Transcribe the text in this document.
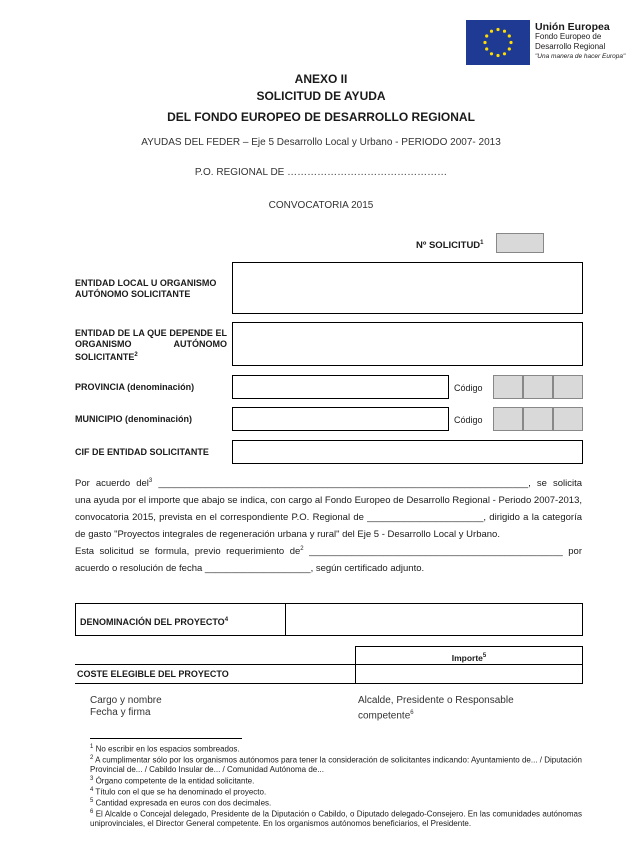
Unión Europea
Fondo Europeo de
Desarrollo Regional
"Una manera de hacer Europa"
ANEXO II
SOLICITUD DE AYUDA
DEL FONDO EUROPEO DE DESARROLLO REGIONAL
AYUDAS DEL FEDER – Eje 5 Desarrollo Local y Urbano - PERIODO 2007- 2013
P.O. REGIONAL DE …………………………………………
CONVOCATORIA 2015
Nº SOLICITUD$^1$
ENTIDAD LOCAL U ORGANISMO AUTÓNOMO SOLICITANTE
ENTIDAD DE LA QUE DEPENDE EL ORGANISMO AUTÓNOMO SOLICITANTE$^2$
PROVINCIA (denominación)	Código
MUNICIPIO (denominación)	Código
CIF DE ENTIDAD SOLICITANTE
Por acuerdo del$^3$ ______________________________________________________________________, se solicita una ayuda por el importe que abajo se indica, con cargo al Fondo Europeo de Desarrollo Regional - Periodo 2007-2013, convocatoria 2015, prevista en el correspondiente P.O. Regional de ______________________, dirigido a la categoría de gasto "Proyectos integrales de regeneración urbana y rural" del Eje 5 - Desarrollo Local y Urbano.
Esta solicitud se formula, previo requerimiento $de^2$ ________________________________________________ por acuerdo o resolución de fecha ____________________, según certificado adjunto.
DENOMINACIÓN DEL PROYECTO$^4$
Importe$^5$
COSTE ELEGIBLE DEL PROYECTO
Cargo y nombre
Fecha y firma
Alcalde, Presidente o Responsable
competente$^6$
$^1$ No escribir en los espacios sombreados.
$^2$ A cumplimentar sólo por los organismos autónomos para tener la consideración de solicitantes indicando: Ayuntamiento de... / Diputación Provincial de... / Cabildo Insular de... / Comunidad Autónoma de...
$^3$ Órgano competente de la entidad solicitante.
$^4$ Título con el que se ha denominado el proyecto.
$^5$ Cantidad expresada en euros con dos decimales.
$^6$ El Alcalde o Concejal delegado, Presidente de la Diputación o Cabildo, o Diputado delegado-Consejero. En las comunidades autónomas uniprovinciales, el Director General competente. En los organismos autónomos beneficiarios, el Presidente.
